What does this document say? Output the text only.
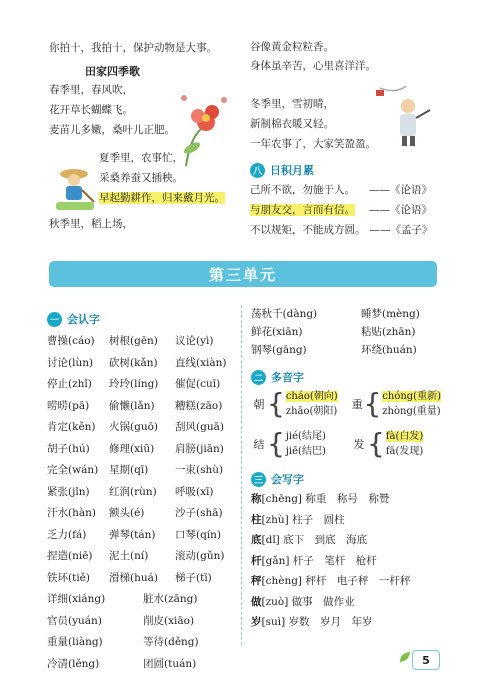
你拍十，我拍十，保护动物是大事。
田家四季歌
春季里，春风吹，
花开草长蝴蝶飞。
麦苗儿多嫩，桑叶儿正肥。
夏季里，农事忙，
采桑养蚕又插秧。
早起勤耕作，归来戴月光。
秋季里，稻上场，
谷像黄金粒粒香。
身体虽辛苦，心里喜洋洋。
冬季里，雪初晴，
新制棉衣暖又轻。
一年农事了，大家笑盈盈。
八 日积月累
己所不欲，勿施于人。 ——《论语》
与朋友交，言而有信。 ——《论语》
不以规矩，不能成方圆。 ——《孟子》
第三单元
一 会认字
曹操(cáo)	树根(gēn)	议论(yì)
讨论(lùn)	砍树(kǎn)	直线(xiàn)
停止(zhǐ)	玲玲(líng)	催促(cuī)
唠唠(pā)	偷懒(lǎn)	糟糕(zāo)
肯定(kěn)	火锅(guō)	刮风(guā)
胡子(hú)	修理(xiū)	肩膀(jiān)
完全(wán)	星期(qī)	一束(shù)
紧张(jǐn)	红润(rùn)	呼吸(xī)
汗水(hàn)	额头(é)	沙子(shā)
乏力(fá)	弹琴(tán)	口琴(qín)
捏造(niē)	泥土(ní)	滚动(gǔn)
铁环(tiě)	滑梯(huá)	梯子(tī)
详细(xiáng)	脏水(zāng)
官员(yuán)	削皮(xiāo)
重量(liàng)	等待(děng)
冷清(lěng)	团圆(tuán)
荡秋千(dàng)	睡梦(mèng)
鲜花(xiān)	粘贴(zhān)
钢琴(gāng)	环绕(huán)
二 多音字
朝 { cháo(朝向)
zhāo(朝阳)
重 { chóng(重新)
zhòng(重量)
结 { jié(结尾)
jiē(结巴)
发 { fà(白发)
fā(发现)
三 会写字
称[chēng] 称重　称号　称赞
柱[zhù] 柱子　圆柱
底[dǐ] 底下　到底　海底
杆[gǎn] 杆子　笔杆　枪杆
秤[chèng] 秤杆　电子秤　一杆秤
做[zuò] 做事　做作业
岁[suì] 岁数　岁月　年岁
5
